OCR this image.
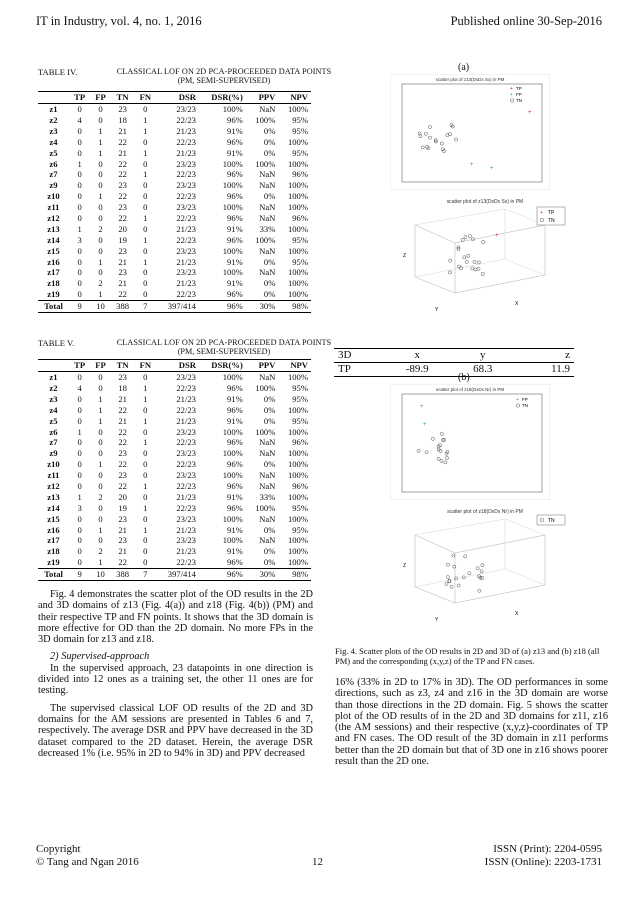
IT in Industry, vol. 4, no. 1, 2016	Published online 30-Sep-2016
TABLE IV.	CLASSICAL LOF ON 2D PCA-PROCEEDED DATA POINTS
(PM, SEMI-SUPERVISED)
	TP	FP	TN	FN	DSR	DSR(%)	PPV	NPV
z1	0	0	23	0	23/23	100%	NaN	100%
z2	4	0	18	1	22/23	96%	100%	95%
z3	0	1	21	1	21/23	91%	0%	95%
z4	0	1	22	0	22/23	96%	0%	100%
z5	0	1	21	1	21/23	91%	0%	95%
z6	1	0	22	0	23/23	100%	100%	100%
z7	0	0	22	1	22/23	96%	NaN	96%
z9	0	0	23	0	23/23	100%	NaN	100%
z10	0	1	22	0	22/23	96%	0%	100%
z11	0	0	23	0	23/23	100%	NaN	100%
z12	0	0	22	1	22/23	96%	NaN	96%
z13	1	2	20	0	21/23	91%	33%	100%
z14	3	0	19	1	22/23	96%	100%	95%
z15	0	0	23	0	23/23	100%	NaN	100%
z16	0	1	21	1	21/23	91%	0%	95%
z17	0	0	23	0	23/23	100%	NaN	100%
z18	0	2	21	0	21/23	91%	0%	100%
z19	0	1	22	0	22/23	96%	0%	100%
Total	9	10	388	7	397/414	96%	30%	98%
TABLE V.	CLASSICAL LOF ON 2D PCA-PROCEEDED DATA POINTS
(PM, SEMI-SUPERVISED)
	TP	FP	TN	FN	DSR	DSR(%)	PPV	NPV
z1	0	0	23	0	23/23	100%	NaN	100%
z2	4	0	18	1	22/23	96%	100%	95%
z3	0	1	21	1	21/23	91%	0%	95%
z4	0	1	22	0	22/23	96%	0%	100%
z5	0	1	21	1	21/23	91%	0%	95%
z6	1	0	22	0	23/23	100%	100%	100%
z7	0	0	22	1	22/23	96%	NaN	96%
z9	0	0	23	0	23/23	100%	NaN	100%
z10	0	1	22	0	22/23	96%	0%	100%
z11	0	0	23	0	23/23	100%	NaN	100%
z12	0	0	22	1	22/23	96%	NaN	96%
z13	1	2	20	0	21/23	91%	33%	100%
z14	3	0	19	1	22/23	96%	100%	95%
z15	0	0	23	0	23/23	100%	NaN	100%
z16	0	1	21	1	21/23	91%	0%	95%
z17	0	0	23	0	23/23	100%	NaN	100%
z18	0	2	21	0	21/23	91%	0%	100%
z19	0	1	22	0	22/23	96%	0%	100%
Total	9	10	388	7	397/414	96%	30%	98%

Fig. 4 demonstrates the scatter plot of the OD results in the 2D and 3D domains of z13 (Fig. 4(a)) and z18 (Fig. 4(b)) (PM) and their respective TP and FN points. It shows that the 3D domain is more effective for OD than the 2D domain. No more FPs in the 3D domain for z13 and z18.

2) Supervised-approach

In the supervised approach, 23 datapoints in one direction is divided into 12 ones as a training set, the other 11 ones are for testing.

The supervised classical LOF OD results of the 2D and 3D domains for the AM sessions are presented in Tables 6 and 7, respectively. The average DSR and PPV have decreased in the 3D dataset compared to the 2D dataset. Herein, the average DSR decreased 1% (i.e. 95% in 2D to 94% in 3D) and PPV decreased

(a)
scatter plot of z13(DxDx Sx) in PM
+
+
+
TP
FP
TN
+
+
scatter plot of z13(DxDx Sx) in PM
+
Z
Y
X
+ TP
TN
3D	x	y	z
TP	-89.9	68.3	11.9
(b)
scatter plot of z18(DxDx Nr) in PM
+
+
+ FP
TN
scatter plot of z18(DxDx Nr) in PM
Z
Y
X
TN
Fig. 4. Scatter plots of the OD results in 2D and 3D of (a) z13 and (b) z18 (all PM) and the corresponding (x,y,z) of the TP and FN cases.

16% (33% in 2D to 17% in 3D). The OD performances in some directions, such as z3, z4 and z16 in the 3D domain are worse than those directions in the 2D domain. Fig. 5 shows the scatter plot of the OD results of in the 2D and 3D domains for z11, z16 (the AM sessions) and their respective (x,y,z)-coordinates of TP and FN cases. The OD result of the 3D domain in z11 performs better than the 2D domain but that of 3D one in z16 shows poorer result than the 2D one.

Copyright
© Tang and Ngan 2016	12
ISSN (Print): 2204-0595
ISSN (Online): 2203-1731
